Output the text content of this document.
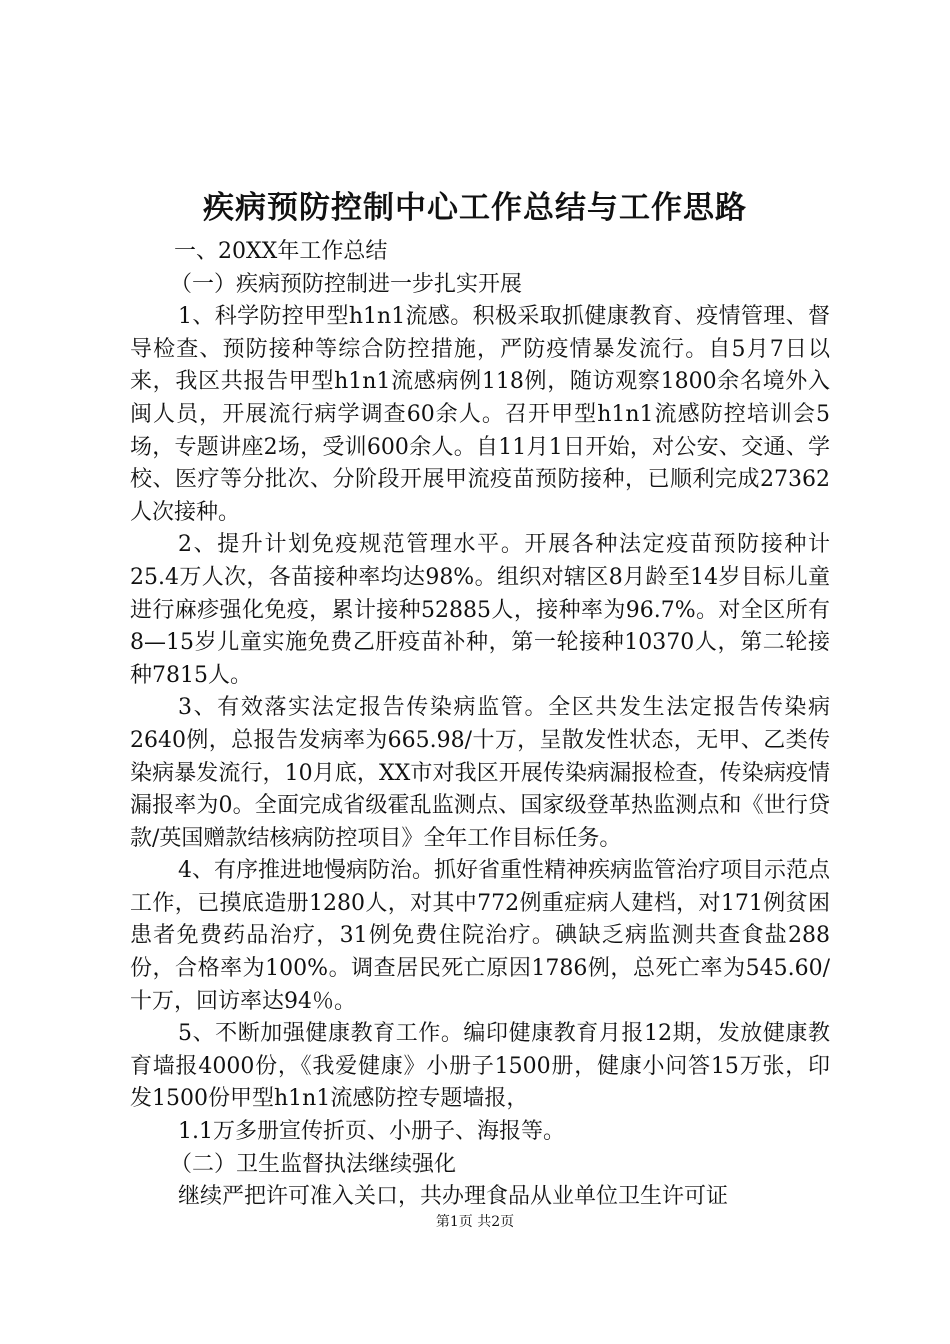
疾病预防控制中心工作总结与工作思路

一、20XX年工作总结

（一）疾病预防控制进一步扎实开展

1、科学防控甲型h1n1流感。积极采取抓健康教育、疫情管理、督导检查、预防接种等综合防控措施，严防疫情暴发流行。自5月7日以来，我区共报告甲型h1n1流感病例118例，随访观察1800余名境外入闽人员，开展流行病学调查60余人。召开甲型h1n1流感防控培训会5场，专题讲座2场，受训600余人。自11月1日开始，对公安、交通、学校、医疗等分批次、分阶段开展甲流疫苗预防接种，已顺利完成27362人次接种。

2、提升计划免疫规范管理水平。开展各种法定疫苗预防接种计25.4万人次，各苗接种率均达98%。组织对辖区8月龄至14岁目标儿童进行麻疹强化免疫，累计接种52885人，接种率为96.7%。对全区所有8—15岁儿童实施免费乙肝疫苗补种，第一轮接种10370人，第二轮接种7815人。

3、有效落实法定报告传染病监管。全区共发生法定报告传染病2640例，总报告发病率为665.98/十万，呈散发性状态，无甲、乙类传染病暴发流行，10月底，XX市对我区开展传染病漏报检查，传染病疫情漏报率为0。全面完成省级霍乱监测点、国家级登革热监测点和《世行贷款/英国赠款结核病防控项目》全年工作目标任务。

4、有序推进地慢病防治。抓好省重性精神疾病监管治疗项目示范点工作，已摸底造册1280人，对其中772例重症病人建档，对171例贫困患者免费药品治疗，31例免费住院治疗。碘缺乏病监测共查食盐288份，合格率为100%。调查居民死亡原因1786例，总死亡率为545.60/十万，回访率达94％。

5、不断加强健康教育工作。编印健康教育月报12期，发放健康教育墙报4000份，《我爱健康》小册子1500册，健康小问答15万张，印发1500份甲型h1n1流感防控专题墙报，

1.1万多册宣传折页、小册子、海报等。

（二）卫生监督执法继续强化

继续严把许可准入关口，共办理食品从业单位卫生许可证

第1页 共2页
